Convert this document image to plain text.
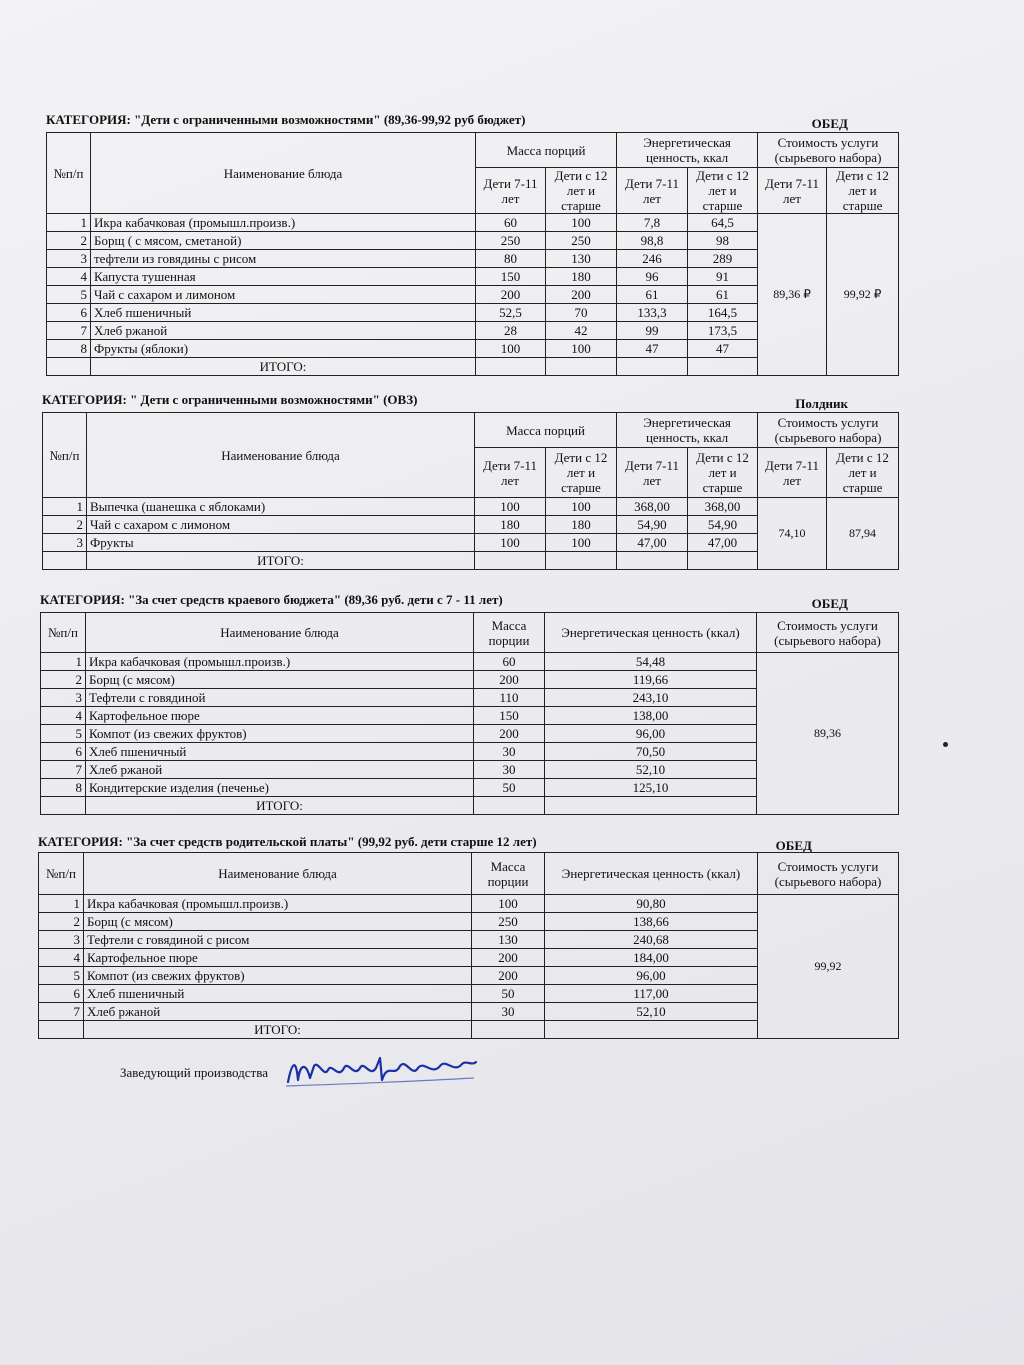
КАТЕГОРИЯ: "Дети с ограниченными возможностями" (89,36-99,92 руб бюджет)	ОБЕД
№п/п	Наименование блюда	Масса порций		Энергетическая ценность, ккал		Стоимость услуги (сырьевого набора)	
		Дети 7-11 лет	Дети с 12 лет и старше	Дети 7-11 лет	Дети с 12 лет и старше	Дети 7-11 лет	Дети с 12 лет и старше
1	Икра кабачковая (промышл.произв.)	60	100	7,8	64,5	89,36 ₽	99,92 ₽
2	Борщ ( с мясом, сметаной)	250	250	98,8	98		
3	тефтели из говядины с рисом	80	130	246	289		
4	Капуста тушенная	150	180	96	91		
5	Чай с сахаром и лимоном	200	200	61	61		
6	Хлеб пшеничный	52,5	70	133,3	164,5		
7	Хлеб ржаной	28	42	99	173,5		
8	Фрукты (яблоки)	100	100	47	47		
	ИТОГО:						
КАТЕГОРИЯ: " Дети с ограниченными возможностями" (ОВЗ)	Полдник
№п/п	Наименование блюда	Масса порций		Энергетическая ценность, ккал		Стоимость услуги (сырьевого набора)	
		Дети 7-11 лет	Дети с 12 лет и старше	Дети 7-11 лет	Дети с 12 лет и старше	Дети 7-11 лет	Дети с 12 лет и старше
1	Выпечка (шанешка с яблоками)	100	100	368,00	368,00	74,10	87,94
2	Чай с сахаром с лимоном	180	180	54,90	54,90		
3	Фрукты	100	100	47,00	47,00		
	ИТОГО:						
КАТЕГОРИЯ: "За счет средств краевого бюджета" (89,36 руб. дети с 7 - 11 лет)	ОБЕД
№п/п	Наименование блюда	Масса порции	Энергетическая ценность (ккал)	Стоимость услуги (сырьевого набора)
1	Икра кабачковая (промышл.произв.)	60	54,48	89,36
2	Борщ (с мясом)	200	119,66	
3	Тефтели с говядиной	110	243,10	
4	Картофельное пюре	150	138,00	
5	Компот (из свежих фруктов)	200	96,00	
6	Хлеб пшеничный	30	70,50	
7	Хлеб ржаной	30	52,10	
8	Кондитерские изделия (печенье)	50	125,10	
	ИТОГО:			
КАТЕГОРИЯ: "За счет средств родительской платы" (99,92 руб. дети старше 12 лет)	ОБЕД
№п/п	Наименование блюда	Масса порции	Энергетическая ценность (ккал)	Стоимость услуги (сырьевого набора)
1	Икра кабачковая (промышл.произв.)	100	90,80	99,92
2	Борщ (с мясом)	250	138,66	
3	Тефтели с говядиной с рисом	130	240,68	
4	Картофельное пюре	200	184,00	
5	Компот (из свежих фруктов)	200	96,00	
6	Хлеб пшеничный	50	117,00	
7	Хлеб ржаной	30	52,10	
	ИТОГО:			
Заведующий производства
